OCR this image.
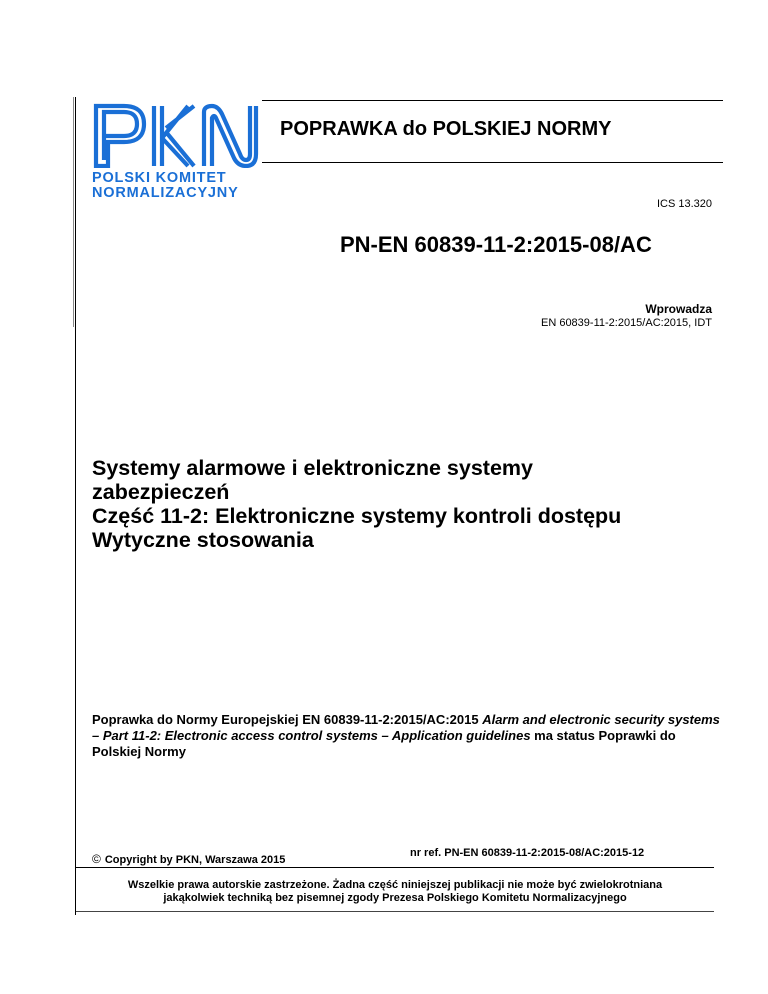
POLSKI KOMITET
NORMALIZACYJNY
POPRAWKA do POLSKIEJ NORMY
ICS 13.320
PN-EN 60839-11-2:2015-08/AC
Wprowadza
EN 60839-11-2:2015/AC:2015, IDT
Systemy alarmowe i elektroniczne systemy
zabezpieczeń
Część 11-2: Elektroniczne systemy kontroli dostępu
Wytyczne stosowania
Poprawka do Normy Europejskiej EN 60839-11-2:2015/AC:2015 Alarm and electronic security systems – Part 11-2: Electronic access control systems – Application guidelines ma status Poprawki do Polskiej Normy
nr ref. PN-EN 60839-11-2:2015-08/AC:2015-12
© Copyright by PKN, Warszawa 2015
Wszelkie prawa autorskie zastrzeżone. Żadna część niniejszej publikacji nie może być zwielokrotniana
jakąkolwiek techniką bez pisemnej zgody Prezesa Polskiego Komitetu Normalizacyjnego
